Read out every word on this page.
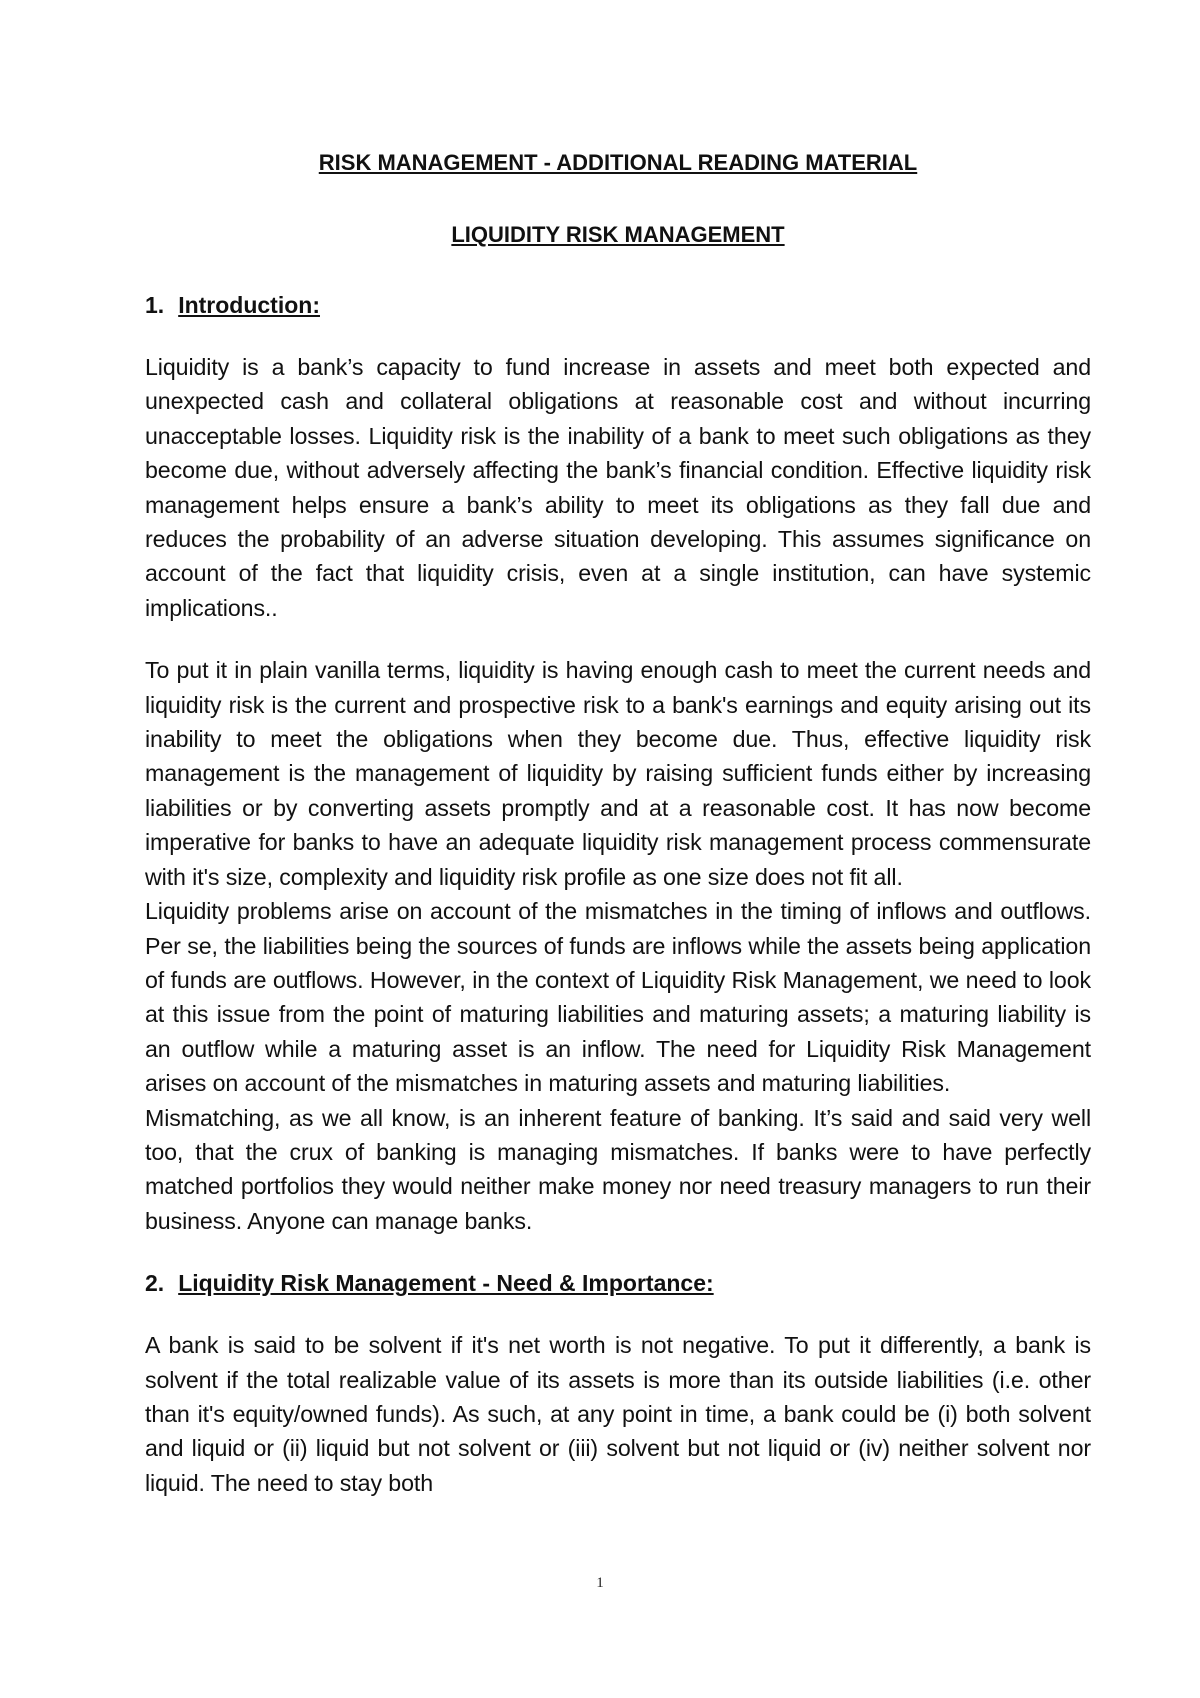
RISK MANAGEMENT - ADDITIONAL READING MATERIAL
LIQUIDITY RISK MANAGEMENT
1. Introduction:

Liquidity is a bank’s capacity to fund increase in assets and meet both expected and unexpected cash and collateral obligations at reasonable cost and without incurring unacceptable losses. Liquidity risk is the inability of a bank to meet such obligations as they become due, without adversely affecting the bank’s financial condition. Effective liquidity risk management helps ensure a bank’s ability to meet its obligations as they fall due and reduces the probability of an adverse situation developing. This assumes significance on account of the fact that liquidity crisis, even at a single institution, can have systemic implications..

To put it in plain vanilla terms, liquidity is having enough cash to meet the current needs and liquidity risk is the current and prospective risk to a bank's earnings and equity arising out its inability to meet the obligations when they become due. Thus, effective liquidity risk management is the management of liquidity by raising sufficient funds either by increasing liabilities or by converting assets promptly and at a reasonable cost. It has now become imperative for banks to have an adequate liquidity risk management process commensurate with it's size, complexity and liquidity risk profile as one size does not fit all.

Liquidity problems arise on account of the mismatches in the timing of inflows and outflows. Per se, the liabilities being the sources of funds are inflows while the assets being application of funds are outflows. However, in the context of Liquidity Risk Management, we need to look at this issue from the point of maturing liabilities and maturing assets; a maturing liability is an outflow while a maturing asset is an inflow. The need for Liquidity Risk Management arises on account of the mismatches in maturing assets and maturing liabilities.

Mismatching, as we all know, is an inherent feature of banking. It’s said and said very well too, that the crux of banking is managing mismatches. If banks were to have perfectly matched portfolios they would neither make money nor need treasury managers to run their business. Anyone can manage banks.

2. Liquidity Risk Management - Need & Importance:

A bank is said to be solvent if it's net worth is not negative. To put it differently, a bank is solvent if the total realizable value of its assets is more than its outside liabilities (i.e. other than it's equity/owned funds). As such, at any point in time, a bank could be (i) both solvent and liquid or (ii) liquid but not solvent or (iii) solvent but not liquid or (iv) neither solvent nor liquid. The need to stay both

1
